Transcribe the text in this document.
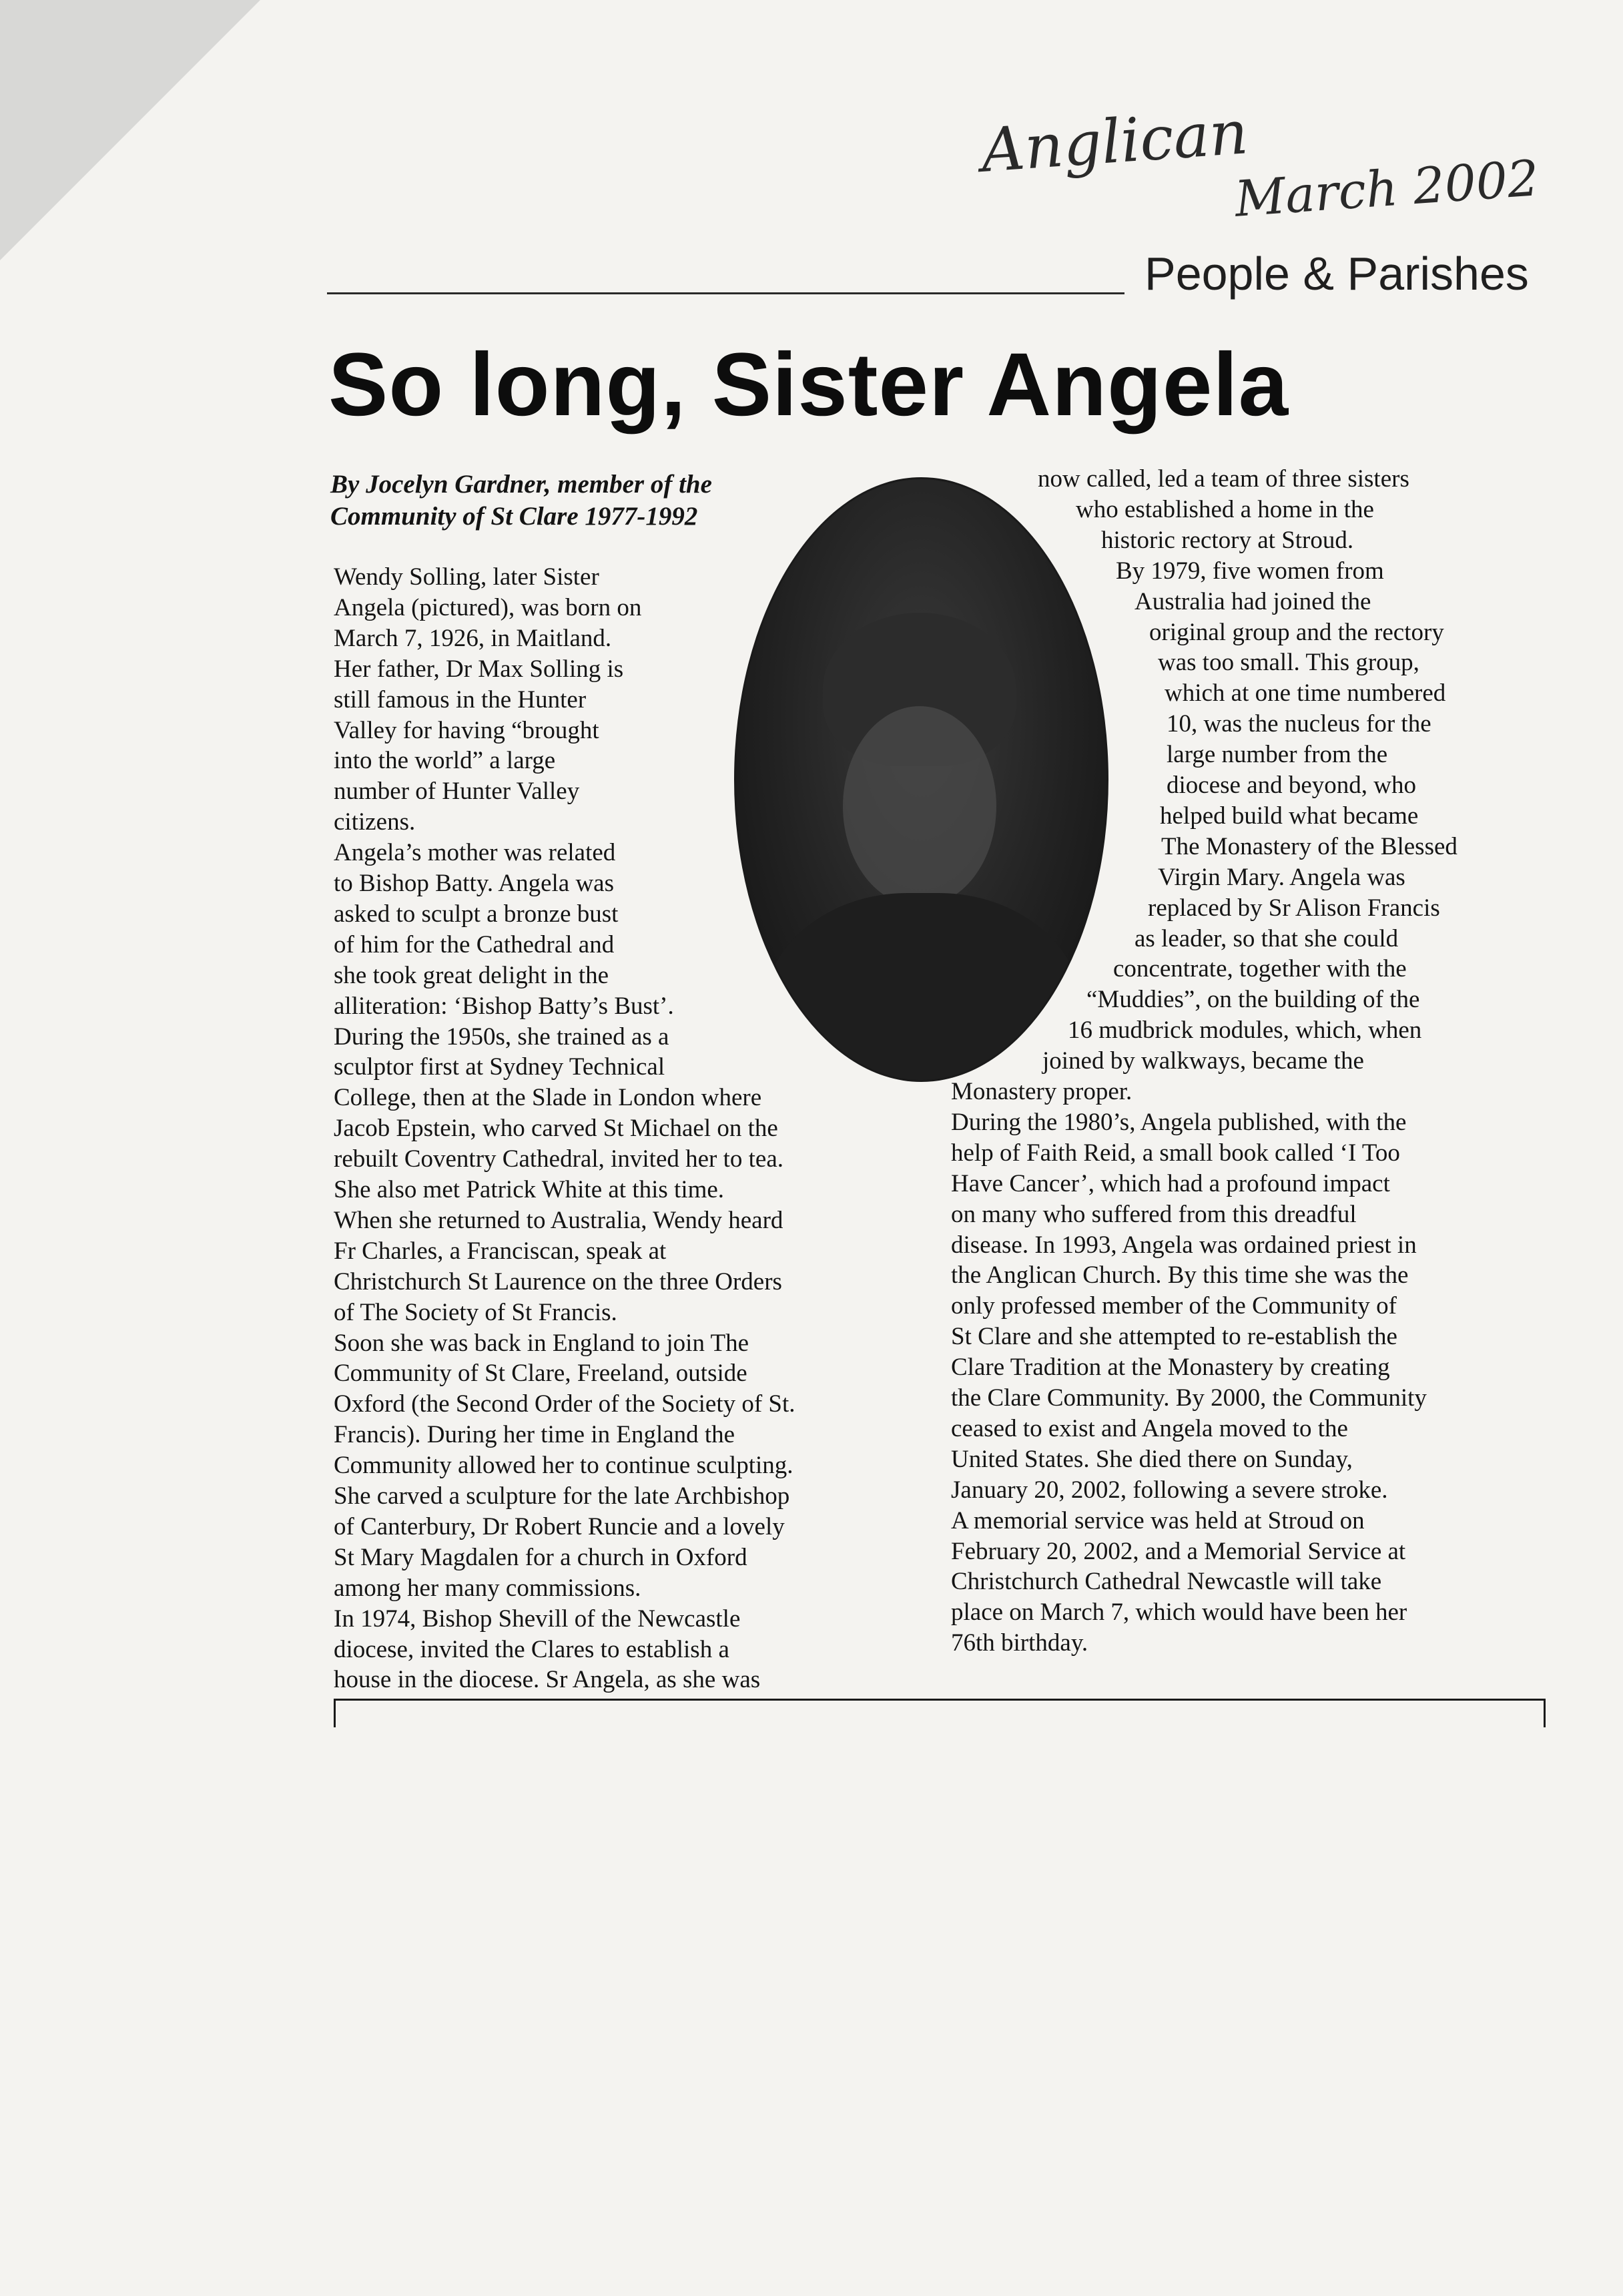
Anglican

March 2002

People & Parishes

So long, Sister Angela
By Jocelyn Gardner, member of the
Community of St Clare 1977-1992

Wendy Solling, later Sister

Angela (pictured), was born on

March 7, 1926, in Maitland.

Her father, Dr Max Solling is

still famous in the Hunter

Valley for having “brought

into the world” a large

number of Hunter Valley

citizens.

Angela’s mother was related

to Bishop Batty. Angela was

asked to sculpt a bronze bust

of him for the Cathedral and

she took great delight in the

alliteration: ‘Bishop Batty’s Bust’.

During the 1950s, she trained as a

sculptor first at Sydney Technical

College, then at the Slade in London where

Jacob Epstein, who carved St Michael on the

rebuilt Coventry Cathedral, invited her to tea.

She also met Patrick White at this time.

When she returned to Australia, Wendy heard

Fr Charles, a Franciscan, speak at

Christchurch St Laurence on the three Orders

of The Society of St Francis.

Soon she was back in England to join The

Community of St Clare, Freeland, outside

Oxford (the Second Order of the Society of St.

Francis). During her time in England the

Community allowed her to continue sculpting.

She carved a sculpture for the late Archbishop

of Canterbury, Dr Robert Runcie and a lovely

St Mary Magdalen for a church in Oxford

among her many commissions.

In 1974, Bishop Shevill of the Newcastle

diocese, invited the Clares to establish a

house in the diocese. Sr Angela, as she was

now called, led a team of three sisters

who established a home in the

historic rectory at Stroud.

By 1979, five women from

Australia had joined the

original group and the rectory

was too small. This group,

which at one time numbered

10, was the nucleus for the

large number from the

diocese and beyond, who

helped build what became

The Monastery of the Blessed

Virgin Mary. Angela was

replaced by Sr Alison Francis

as leader, so that she could

concentrate, together with the

“Muddies”, on the building of the

16 mudbrick modules, which, when

joined by walkways, became the

Monastery proper.

During the 1980’s, Angela published, with the

help of Faith Reid, a small book called ‘I Too

Have Cancer’, which had a profound impact

on many who suffered from this dreadful

disease. In 1993, Angela was ordained priest in

the Anglican Church. By this time she was the

only professed member of the Community of

St Clare and she attempted to re-establish the

Clare Tradition at the Monastery by creating

the Clare Community. By 2000, the Community

ceased to exist and Angela moved to the

United States. She died there on Sunday,

January 20, 2002, following a severe stroke.

A memorial service was held at Stroud on

February 20, 2002, and a Memorial Service at

Christchurch Cathedral Newcastle will take

place on March 7, which would have been her

76th birthday.
